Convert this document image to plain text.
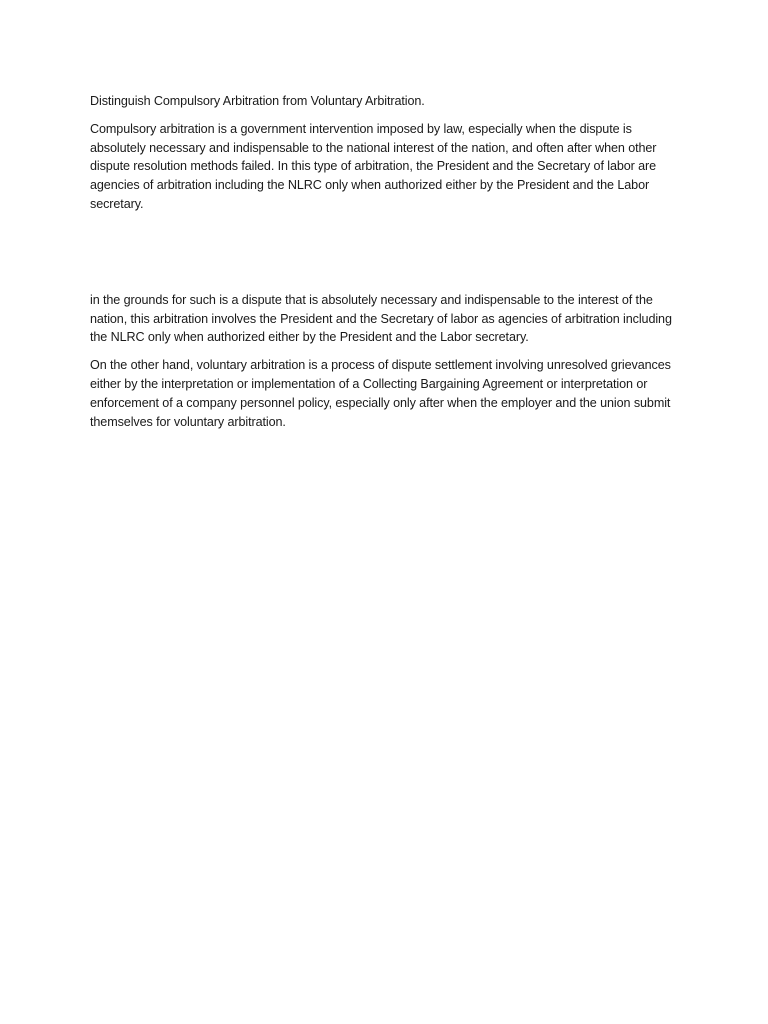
Distinguish Compulsory Arbitration from Voluntary Arbitration.

Compulsory arbitration is a government intervention imposed by law, especially when the dispute is absolutely necessary and indispensable to the national interest of the nation, and often after when other dispute resolution methods failed. In this type of arbitration, the President and the Secretary of labor are agencies of arbitration including the NLRC only when authorized either by the President and the Labor secretary.

in the grounds for such is a dispute that is absolutely necessary and indispensable to the interest of the nation, this arbitration involves the President and the Secretary of labor as agencies of arbitration including the NLRC only when authorized either by the President and the Labor secretary.

On the other hand, voluntary arbitration is a process of dispute settlement involving unresolved grievances either by the interpretation or implementation of a Collecting Bargaining Agreement or interpretation or enforcement of a company personnel policy, especially only after when the employer and the union submit themselves for voluntary arbitration.
